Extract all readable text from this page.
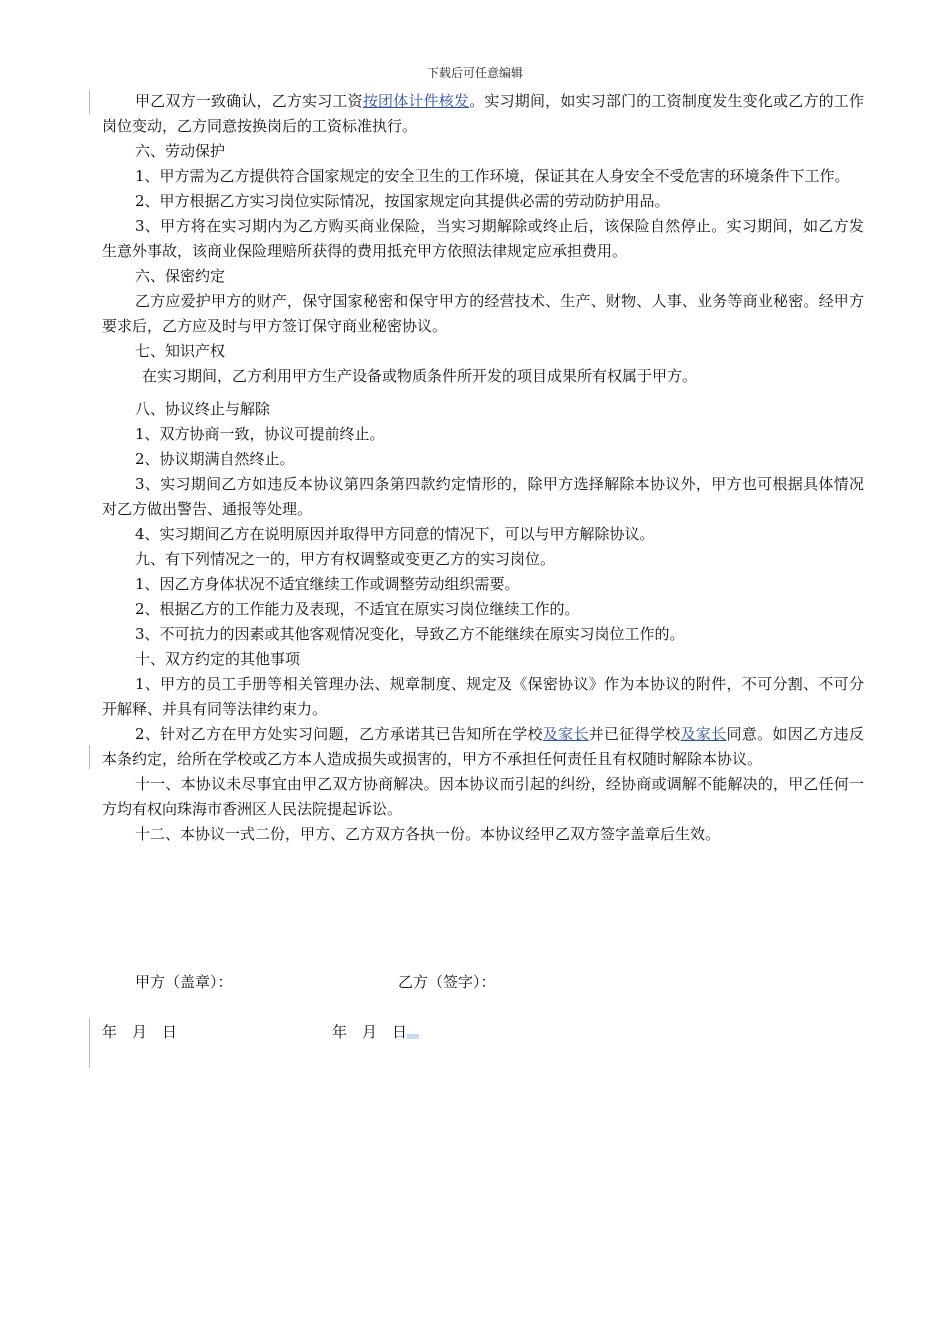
下载后可任意编辑

甲乙双方一致确认，乙方实习工资按团体计件核发。实习期间，如实习部门的工资制度发生变化或乙方的工作岗位变动，乙方同意按换岗后的工资标准执行。

六、劳动保护

1、甲方需为乙方提供符合国家规定的安全卫生的工作环境，保证其在人身安全不受危害的环境条件下工作。

2、甲方根据乙方实习岗位实际情况，按国家规定向其提供必需的劳动防护用品。

3、甲方将在实习期内为乙方购买商业保险，当实习期解除或终止后，该保险自然停止。实习期间，如乙方发生意外事故，该商业保险理赔所获得的费用抵充甲方依照法律规定应承担费用。

六、保密约定

乙方应爱护甲方的财产，保守国家秘密和保守甲方的经营技术、生产、财物、人事、业务等商业秘密。经甲方要求后，乙方应及时与甲方签订保守商业秘密协议。

七、知识产权

在实习期间，乙方利用甲方生产设备或物质条件所开发的项目成果所有权属于甲方。

八、协议终止与解除

1、双方协商一致，协议可提前终止。

2、协议期满自然终止。

3、实习期间乙方如违反本协议第四条第四款约定情形的，除甲方选择解除本协议外，甲方也可根据具体情况对乙方做出警告、通报等处理。

4、实习期间乙方在说明原因并取得甲方同意的情况下，可以与甲方解除协议。

九、有下列情况之一的，甲方有权调整或变更乙方的实习岗位。

1、因乙方身体状况不适宜继续工作或调整劳动组织需要。

2、根据乙方的工作能力及表现，不适宜在原实习岗位继续工作的。

3、不可抗力的因素或其他客观情况变化，导致乙方不能继续在原实习岗位工作的。

十、双方约定的其他事项

1、甲方的员工手册等相关管理办法、规章制度、规定及《保密协议》作为本协议的附件，不可分割、不可分开解释、并具有同等法律约束力。

2、针对乙方在甲方处实习问题，乙方承诺其已告知所在学校及家长并已征得学校及家长同意。如因乙方违反本条约定，给所在学校或乙方本人造成损失或损害的，甲方不承担任何责任且有权随时解除本协议。

十一、本协议未尽事宜由甲乙双方协商解决。因本协议而引起的纠纷，经协商或调解不能解决的，甲乙任何一方均有权向珠海市香洲区人民法院提起诉讼。

十二、本协议一式二份，甲方、乙方双方各执一份。本协议经甲乙双方签字盖章后生效。

甲方（盖章）：	乙方（签字）：
年　月　日	年　月　日
